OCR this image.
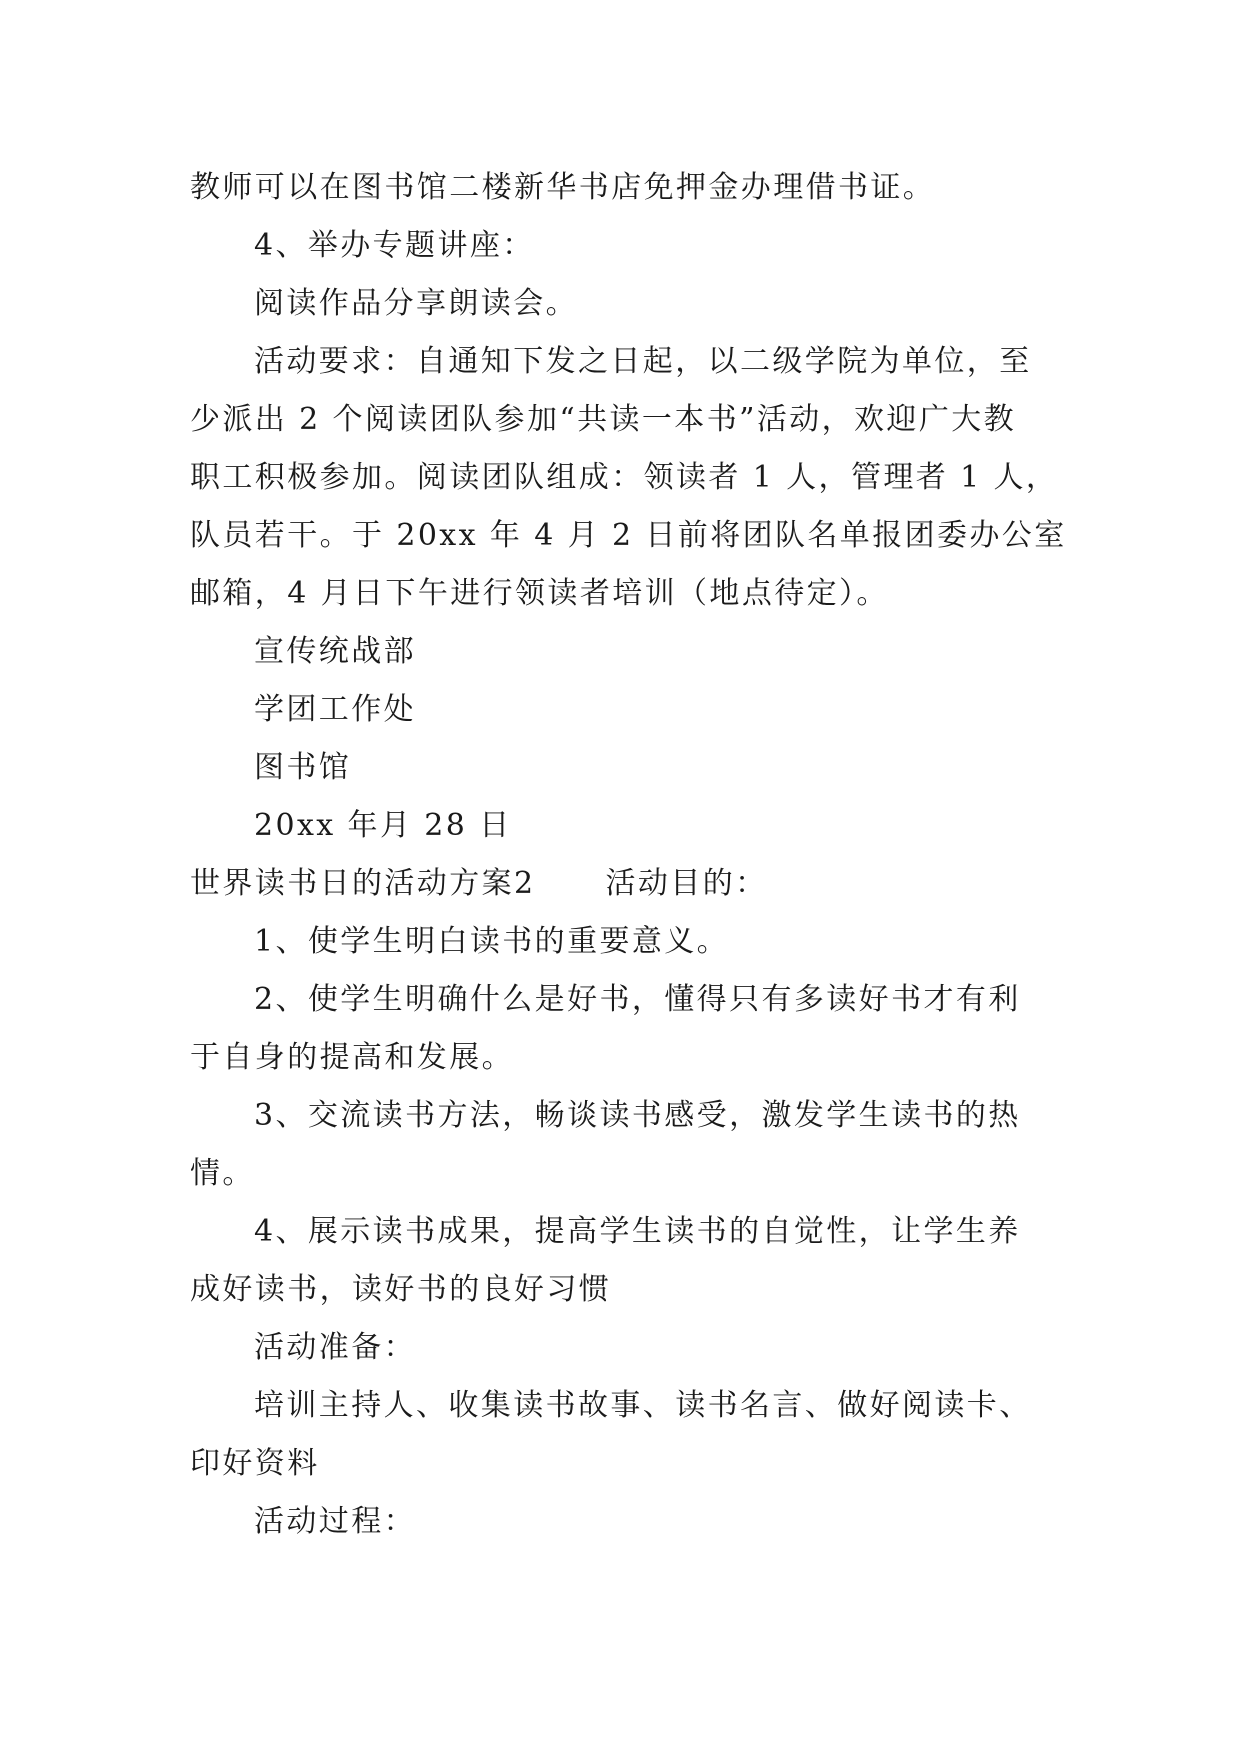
教师可以在图书馆二楼新华书店免押金办理借书证。
4、举办专题讲座：
阅读作品分享朗读会。
活动要求：自通知下发之日起，以二级学院为单位，至
少派出 2 个阅读团队参加“共读一本书”活动，欢迎广大教
职工积极参加。阅读团队组成：领读者 1 人，管理者 1 人，
队员若干。于 20xx 年 4 月 2 日前将团队名单报团委办公室
邮箱，4 月日下午进行领读者培训（地点待定）。
宣传统战部
学团工作处
图书馆
20xx 年月 28 日
世界读书日的活动方案2 活动目的：
1、使学生明白读书的重要意义。
2、使学生明确什么是好书，懂得只有多读好书才有利
于自身的提高和发展。
3、交流读书方法，畅谈读书感受，激发学生读书的热
情。
4、展示读书成果，提高学生读书的自觉性，让学生养
成好读书，读好书的良好习惯
活动准备：
培训主持人、收集读书故事、读书名言、做好阅读卡、
印好资料
活动过程：
